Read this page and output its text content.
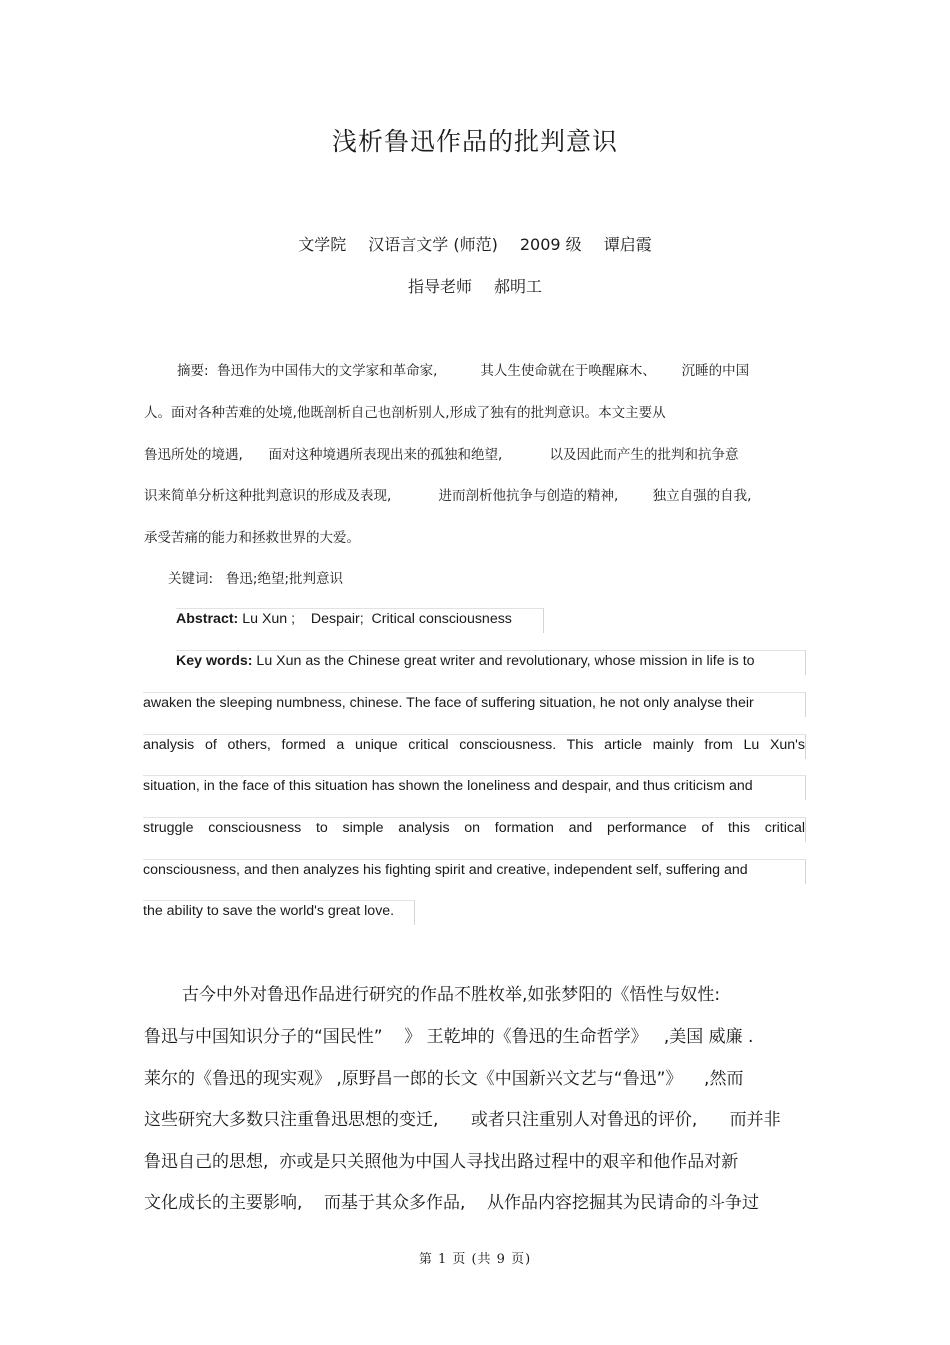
浅析鲁迅作品的批判意识
文学院 汉语言文学 (师范) 2009 级 谭启霞
指导老师 郝明工
摘要:  鲁迅作为中国伟大的文学家和革命家,          其人生使命就在于唤醒麻木、      沉睡的中国
人。面对各种苦难的处境,他既剖析自己也剖析别人,形成了独有的批判意识。本文主要从
鲁迅所处的境遇,      面对这种境遇所表现出来的孤独和绝望,           以及因此而产生的批判和抗争意
识来简单分析这种批判意识的形成及表现,           进而剖析他抗争与创造的精神,        独立自强的自我,
承受苦痛的能力和拯救世界的大爱。
关键词:   鲁迅;绝望;批判意识
Abstract: Lu Xun ;    Despair;  Critical consciousness
Key words: Lu Xun as the Chinese great writer and revolutionary, whose mission in life is to
awaken the sleeping numbness, chinese. The face of suffering situation, he not only analyse their
analysis of others, formed a unique critical consciousness. This article mainly from Lu Xun's
situation, in the face of this situation has shown the loneliness and despair, and thus criticism and
struggle consciousness to simple analysis on formation and performance of this critical
consciousness, and then analyzes his fighting spirit and creative, independent self, suffering and
the ability to save the world's great love.
古今中外对鲁迅作品进行研究的作品不胜枚举,如张梦阳的《悟性与奴性:
鲁迅与中国知识分子的“国民性”    》 王乾坤的《鲁迅的生命哲学》   ,美国 威廉 .
莱尔的《鲁迅的现实观》 ,原野昌一郎的长文《中国新兴文艺与“鲁迅”》    ,然而
这些研究大多数只注重鲁迅思想的变迁,      或者只注重别人对鲁迅的评价,      而并非
鲁迅自己的思想,  亦或是只关照他为中国人寻找出路过程中的艰辛和他作品对新
文化成长的主要影响,    而基于其众多作品,    从作品内容挖掘其为民请命的斗争过
第 1 页 (共 9 页)
